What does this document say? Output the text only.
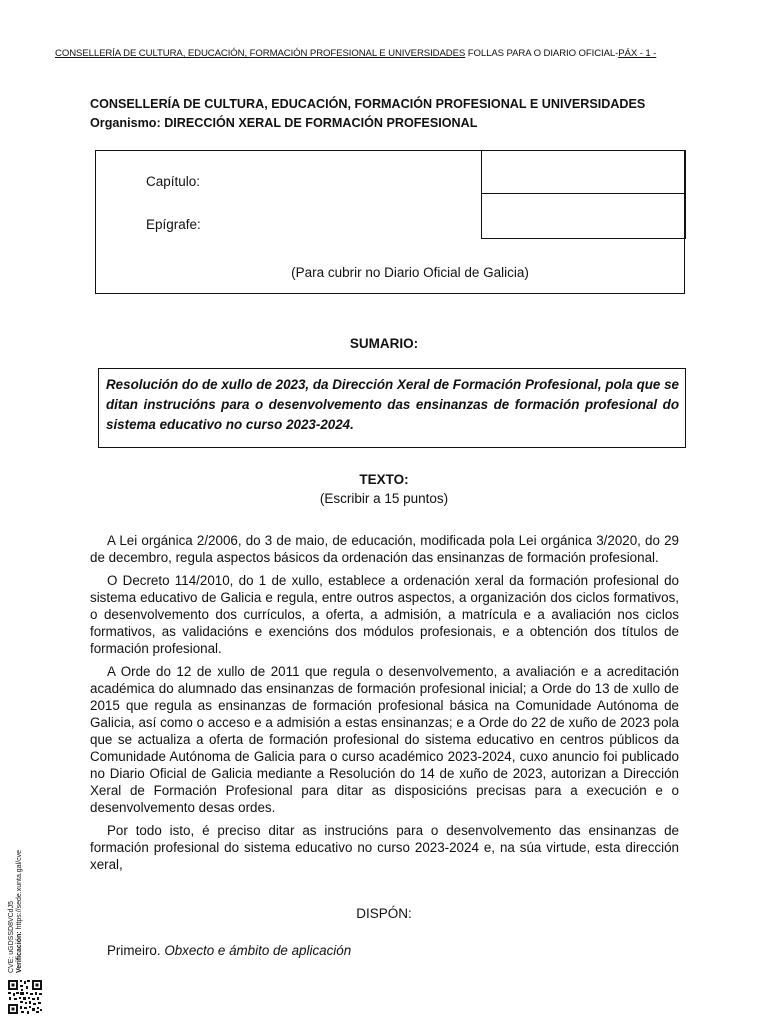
CONSELLERÍA DE CULTURA, EDUCACIÓN, FORMACIÓN PROFESIONAL E UNIVERSIDADES FOLLAS PARA O DIARIO OFICIAL-PÁX - 1 -
CONSELLERÍA DE CULTURA, EDUCACIÓN, FORMACIÓN PROFESIONAL E UNIVERSIDADES
Organismo: DIRECCIÓN XERAL DE FORMACIÓN PROFESIONAL
Capítulo:
Epígrafe:
(Para cubrir no Diario Oficial de Galicia)
SUMARIO:
Resolución do de xullo de 2023, da Dirección Xeral de Formación Profesional, pola que se ditan instrucións para o desenvolvemento das ensinanzas de formación profesional do sistema educativo no curso 2023-2024.
TEXTO:
(Escribir a 15 puntos)

A Lei orgánica 2/2006, do 3 de maio, de educación, modificada pola Lei orgánica 3/2020, do 29 de decembro, regula aspectos básicos da ordenación das ensinanzas de formación profesional.

O Decreto 114/2010, do 1 de xullo, establece a ordenación xeral da formación profesional do sistema educativo de Galicia e regula, entre outros aspectos, a organización dos ciclos formativos, o desenvolvemento dos currículos, a oferta, a admisión, a matrícula e a avaliación nos ciclos formativos, as validacións e exencións dos módulos profesionais, e a obtención dos títulos de formación profesional.

A Orde do 12 de xullo de 2011 que regula o desenvolvemento, a avaliación e a acreditación académica do alumnado das ensinanzas de formación profesional inicial; a Orde do 13 de xullo de 2015 que regula as ensinanzas de formación profesional básica na Comunidade Autónoma de Galicia, así como o acceso e a admisión a estas ensinanzas; e a Orde do 22 de xuño de 2023 pola que se actualiza a oferta de formación profesional do sistema educativo en centros públicos da Comunidade Autónoma de Galicia para o curso académico 2023-2024, cuxo anuncio foi publicado no Diario Oficial de Galicia mediante a Resolución do 14 de xuño de 2023, autorizan a Dirección Xeral de Formación Profesional para ditar as disposicións precisas para a execución e o desenvolvemento desas ordes.

Por todo isto, é preciso ditar as instrucións para o desenvolvemento das ensinanzas de formación profesional do sistema educativo no curso 2023-2024 e, na súa virtude, esta dirección xeral,

DISPÓN:
Primeiro. Obxecto e ámbito de aplicación
CVE: uGDSSD8VCdJ5 Verificación: https://sede.xunta.gal/cve
